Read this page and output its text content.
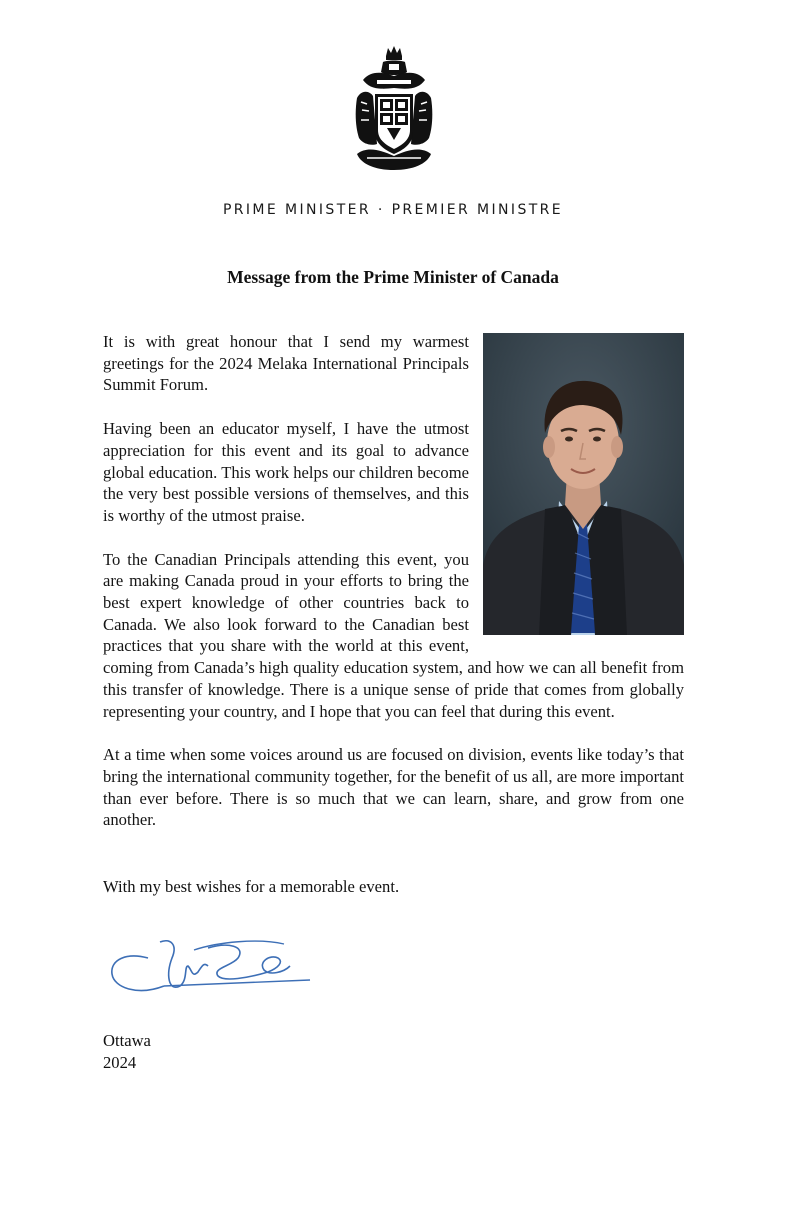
PRIME MINISTER · PREMIER MINISTRE
Message from the Prime Minister of Canada

It is with great honour that I send my warmest greetings for the 2024 Melaka International Principals Summit Forum.

Having been an educator myself, I have the utmost appreciation for this event and its goal to advance global education. This work helps our children become the very best possible versions of themselves, and this is worthy of the utmost praise.

To the Canadian Principals attending this event, you are making Canada proud in your efforts to bring the best expert knowledge of other countries back to Canada. We also look forward to the Canadian best practices that you share with the world at this event, coming from Canada’s high quality education system, and how we can all benefit from this transfer of knowledge. There is a unique sense of pride that comes from globally representing your country, and I hope that you can feel that during this event.

At a time when some voices around us are focused on division, events like today’s that bring the international community together, for the benefit of us all, are more important than ever before. There is so much that we can learn, share, and grow from one another.

With my best wishes for a memorable event.
Ottawa
2024
